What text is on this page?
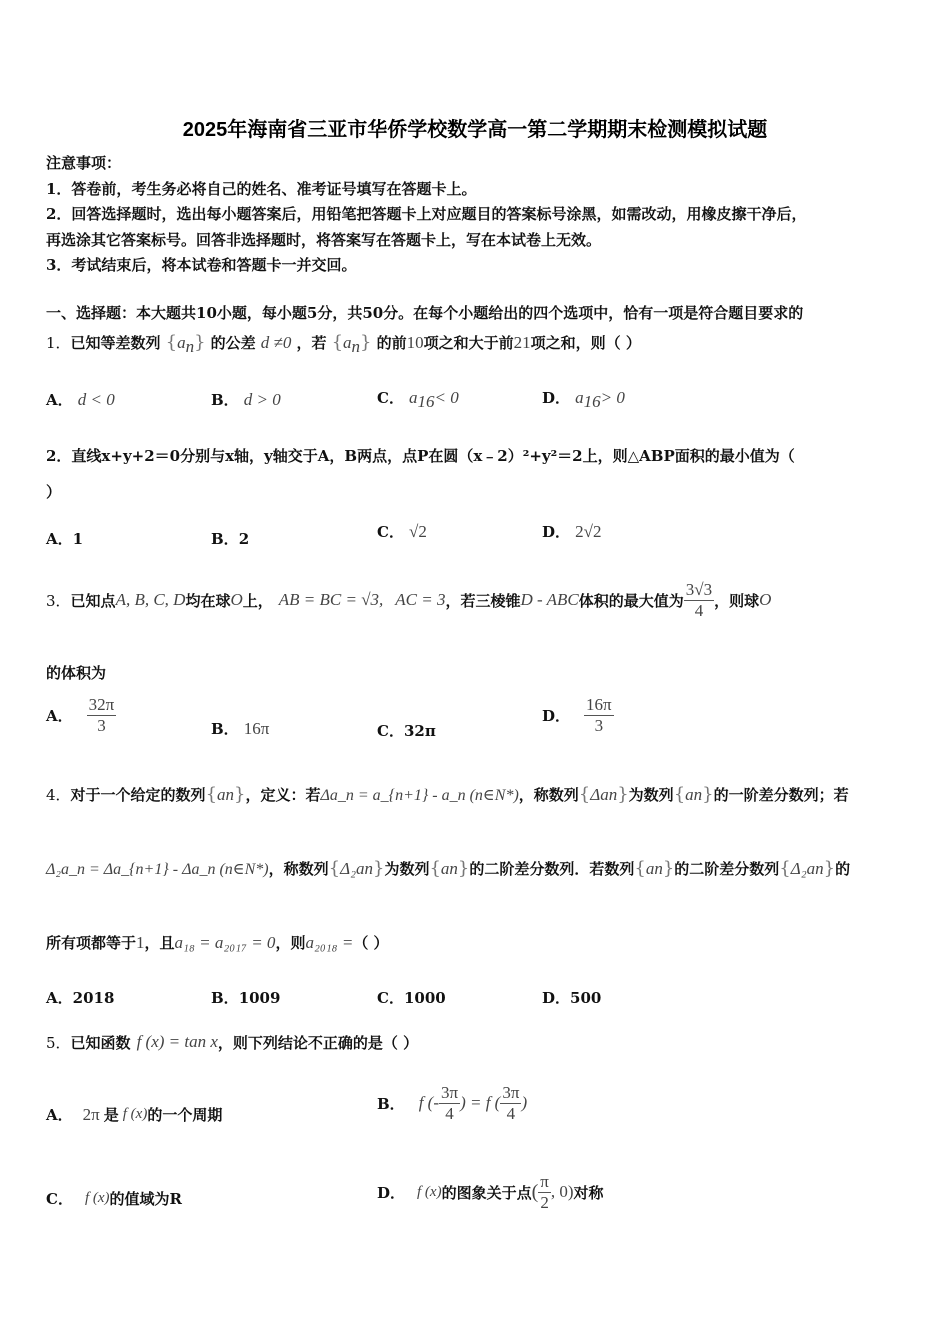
2025年海南省三亚市华侨学校数学高一第二学期期末检测模拟试题
注意事项：
1．答卷前，考生务必将自己的姓名、准考证号填写在答题卡上。
2．回答选择题时，选出每小题答案后，用铅笔把答题卡上对应题目的答案标号涂黑，如需改动，用橡皮擦干净后，
再选涂其它答案标号。回答非选择题时，将答案写在答题卡上，写在本试卷上无效。
3．考试结束后，将本试卷和答题卡一并交回。
一、选择题：本大题共10小题，每小题5分，共50分。在每个小题给出的四个选项中，恰有一项是符合题目要求的
1．已知等差数列 $\{a_n\}$ 的公差 d ≠0 ，若 $\{a_n\}$ 的前10项之和大于前21项之和，则（ ）
A． d < 0	B． d > 0	C． $a_{16}< 0$	D． $a_{16}> 0$
2．直线x+y+2＝0分别与x轴，y轴交于A，B两点，点P在圆（x﹣2）²+y²＝2上，则△ABP面积的最小值为（
）
A．1	B．2	C． √2	D． 2√2
3． 已知点 A, B, C, D 均在球 O 上， AB = BC = √3, AC = 3 ，若三棱锥 D - ABC 体积的最大值为 $\frac{3√3}{4}$ ，则球 O
的体积为
A． $\frac{32\pi}{3}$	B． 16π	C．32π
D． $\frac{16\pi}{3}$
4． 对于一个给定的数列 { a n } ，定义：若 Δa_n = a_{n+1} - a_n (n∈N*) ，称数列 { Δa n } 为数列 { a n } 的一阶差分数列；若
Δ₂a_n = Δa_{n+1} - Δa_n (n∈N*) ，称数列 { Δ₂a n } 为数列 { a n } 的二阶差分数列．若数列 { a n } 的二阶差分数列 { Δ₂a n } 的
所有项都等于 1 ，且 a₁₈ = a₂₀₁₇ = 0 ，则 a₂₀₁₈ = （ ）
A．2018	B．1009	C．1000	D．500
5． 已知函数 f (x) = tan x ，则下列结论不正确的是（ ）
A． 2π 是 f (x) 的一个周期
B． f (- $\frac{3\pi}{4}$ ) = f ( $\frac{3\pi}{4}$ )
C． f (x) 的值域为 R	D． f (x) 的图象关于点 ( $\frac{\pi}{2}$ , 0) 对称
